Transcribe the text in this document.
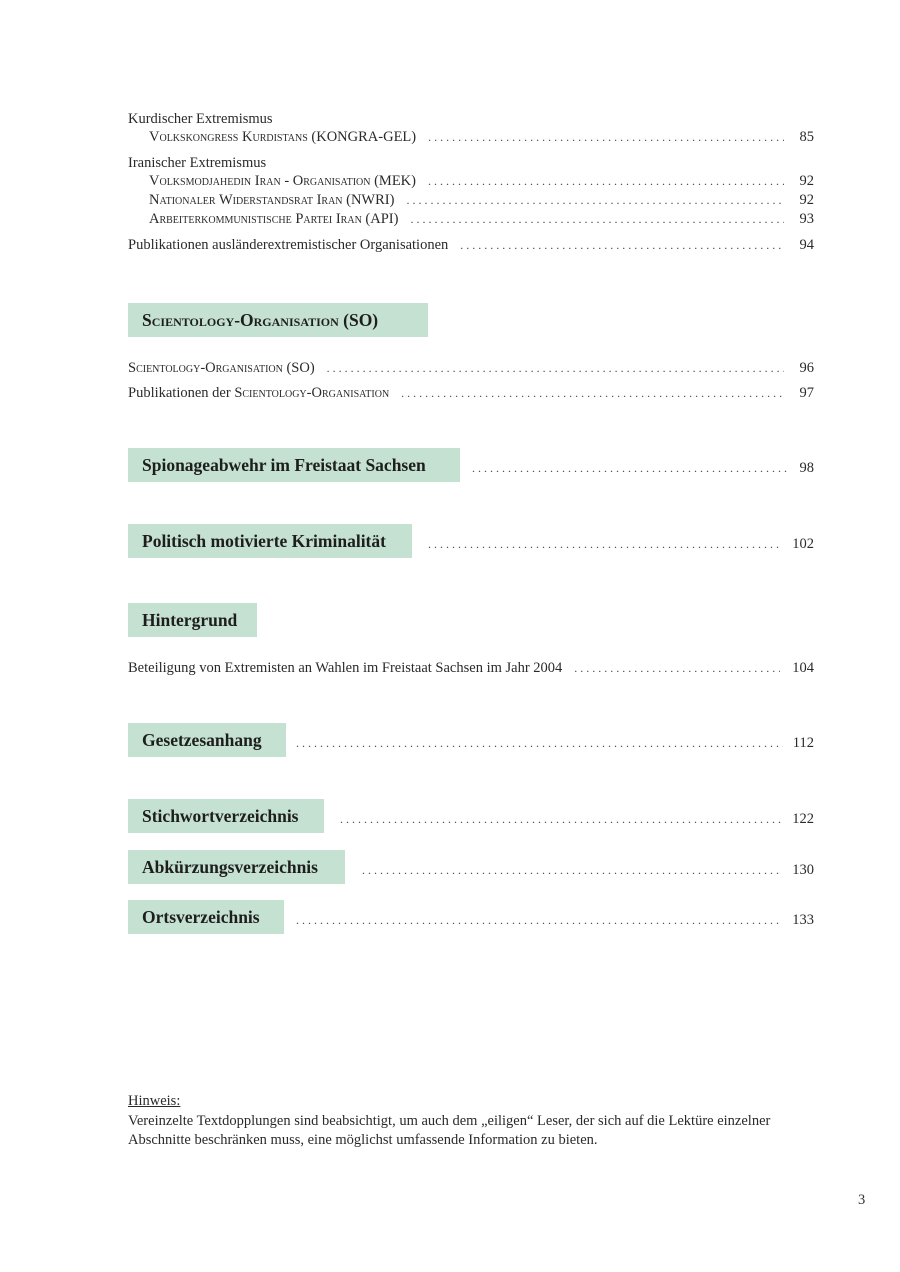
Kurdischer Extremismus
Volkskongress Kurdistans (KONGRA-GEL) . . .	85
Iranischer Extremismus
Volksmodjahedin Iran - Organisation (MEK) . . .	92
Nationaler Widerstandsrat Iran (NWRI) . . .	92
Arbeiterkommunistische Partei Iran (API) . . .	93
Publikationen ausländerextremistischer Organisationen . . .	94
Scientology-Organisation (SO)
Scientology-Organisation (SO) . . .	96
Publikationen der Scientology-Organisation . . .	97
Spionageabwehr im Freistaat Sachsen . . .	98
Politisch motivierte Kriminalität . . .	102
Hintergrund
Beteiligung von Extremisten an Wahlen im Freistaat Sachsen im Jahr 2004 . . .	104
Gesetzesanhang . . .	112
Stichwortverzeichnis . . .	122
Abkürzungsverzeichnis . . .	130
Ortsverzeichnis . . .	133
Hinweis:
Vereinzelte Textdopplungen sind beabsichtigt, um auch dem „eiligen“ Leser, der sich auf die Lektüre einzelner
Abschnitte beschränken muss, eine möglichst umfassende Information zu bieten.
3
